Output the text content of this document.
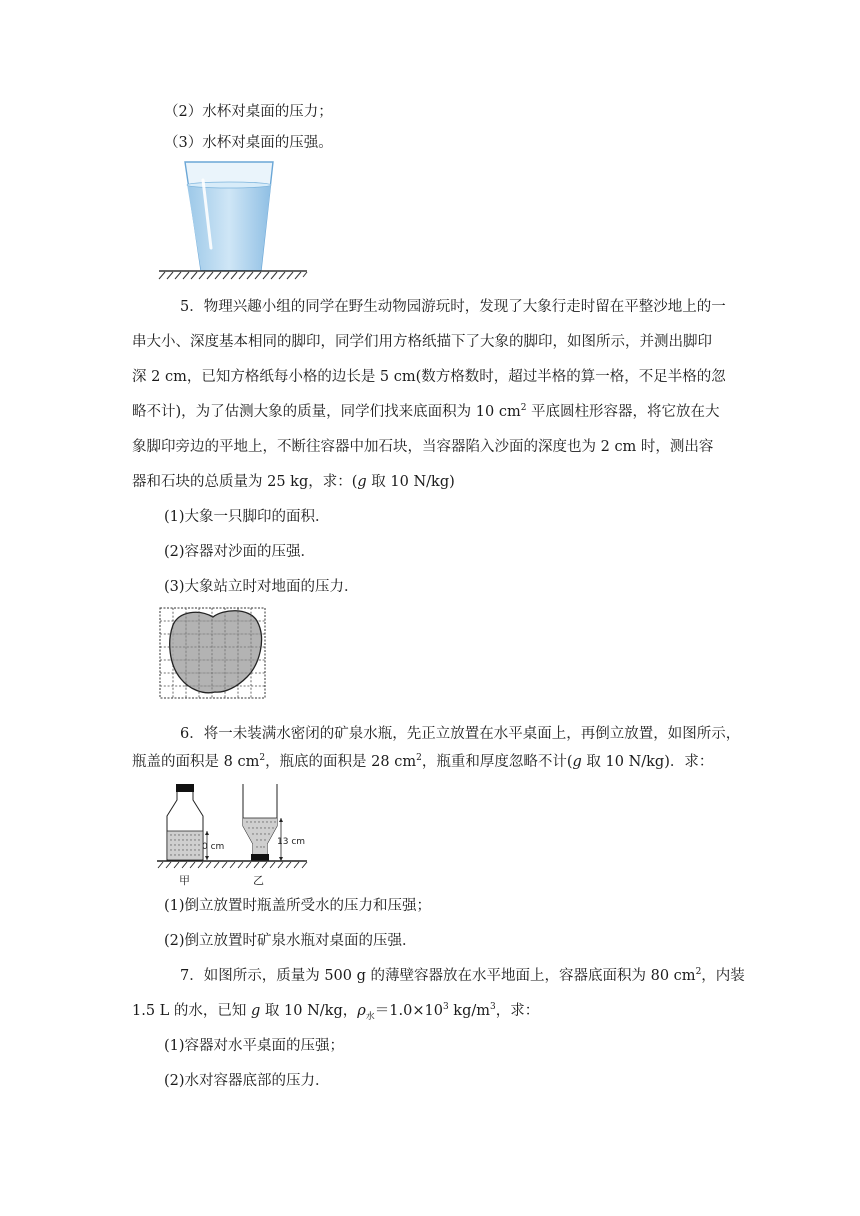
（2）水杯对桌面的压力；
（3）水杯对桌面的压强。
5．物理兴趣小组的同学在野生动物园游玩时，发现了大象行走时留在平整沙地上的一
串大小、深度基本相同的脚印，同学们用方格纸描下了大象的脚印，如图所示，并测出脚印
深 2 cm，已知方格纸每小格的边长是 5 cm(数方格数时，超过半格的算一格，不足半格的忽
略不计)，为了估测大象的质量，同学们找来底面积为 10 $cm^2$ 平底圆柱形容器，将它放在大
象脚印旁边的平地上，不断往容器中加石块，当容器陷入沙面的深度也为 2 cm 时，测出容
器和石块的总质量为 25 kg，求：(g 取 10 N/kg)
(1)大象一只脚印的面积．
(2)容器对沙面的压强．
(3)大象站立时对地面的压力．
6．将一未装满水密闭的矿泉水瓶，先正立放置在水平桌面上，再倒立放置，如图所示，
瓶盖的面积是 8 $cm^2$，瓶底的面积是 28 $cm^2$，瓶重和厚度忽略不计(g 取 10 N/kg)．求：
0 cm	13 cm
甲	乙
(1)倒立放置时瓶盖所受水的压力和压强；
(2)倒立放置时矿泉水瓶对桌面的压强．
7．如图所示，质量为 500 g 的薄壁容器放在水平地面上，容器底面积为 80 $cm^2$，内装
1.5 L 的水，已知 g 取 10 N/kg，$\rho_水=1.0\times 10^3$ $kg/m^3$，求：
(1)容器对水平桌面的压强；
(2)水对容器底部的压力．
